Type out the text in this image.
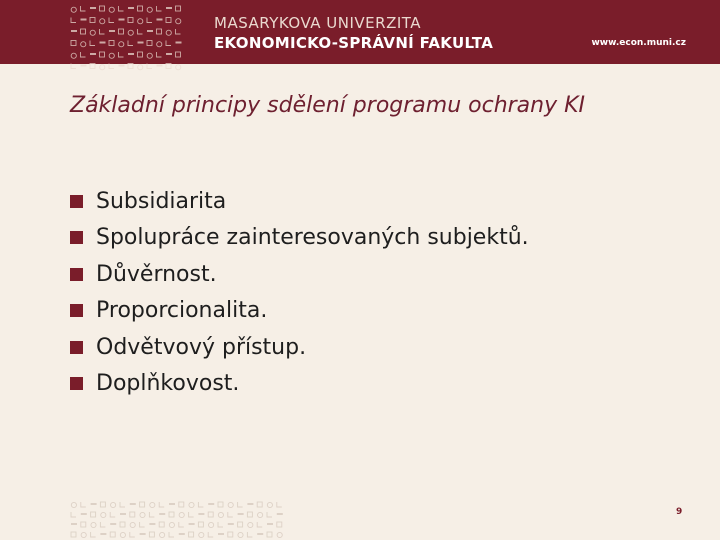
MASARYKOVA UNIVERZITA
EKONOMICKO-SPRÁVNÍ FAKULTA	www.econ.muni.cz
Základní principy sdělení programu ochrany KI
Subsidiarita
Spolupráce zainteresovaných subjektů.
Důvěrnost.
Proporcionalita.
Odvětvový přístup.
Doplňkovost.
9
